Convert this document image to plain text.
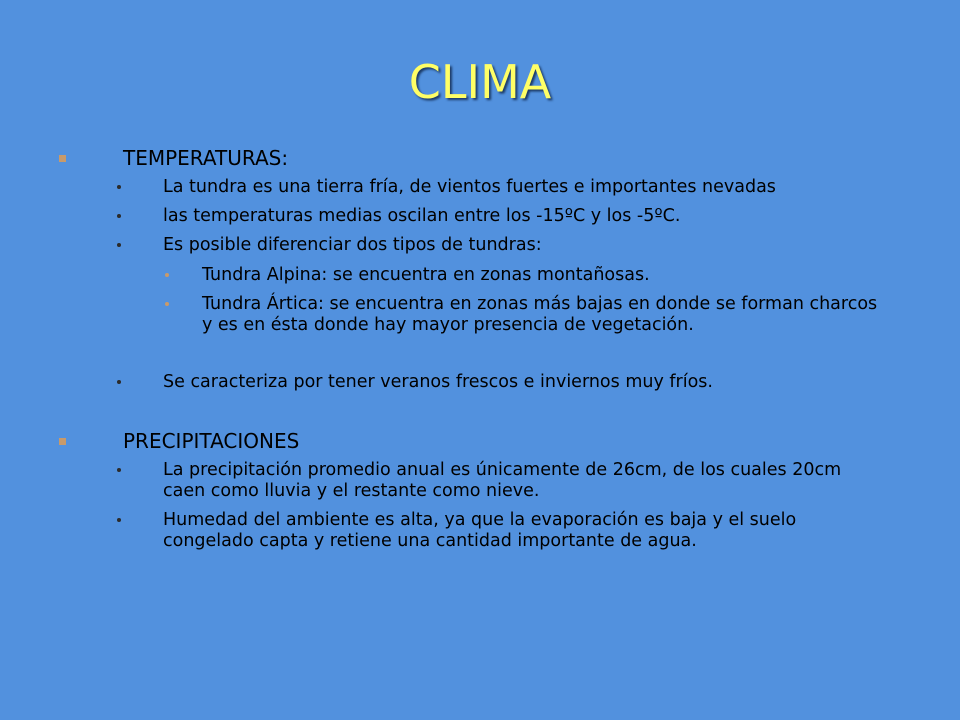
CLIMA
TEMPERATURAS:
La tundra es una tierra fría, de vientos fuertes e importantes nevadas
las temperaturas medias oscilan entre los -15ºC y los -5ºC.
Es posible diferenciar dos tipos de tundras:
Tundra Alpina: se encuentra en zonas montañosas.
Tundra Ártica: se encuentra en zonas más bajas en donde se forman charcos y es en ésta donde hay mayor presencia de vegetación.
Se caracteriza por tener veranos frescos e inviernos muy fríos.
PRECIPITACIONES
La precipitación promedio anual es únicamente de 26cm, de los cuales 20cm caen como lluvia y el restante como nieve.
Humedad del ambiente es alta, ya que la evaporación es baja y el suelo congelado capta y retiene una cantidad importante de agua.
